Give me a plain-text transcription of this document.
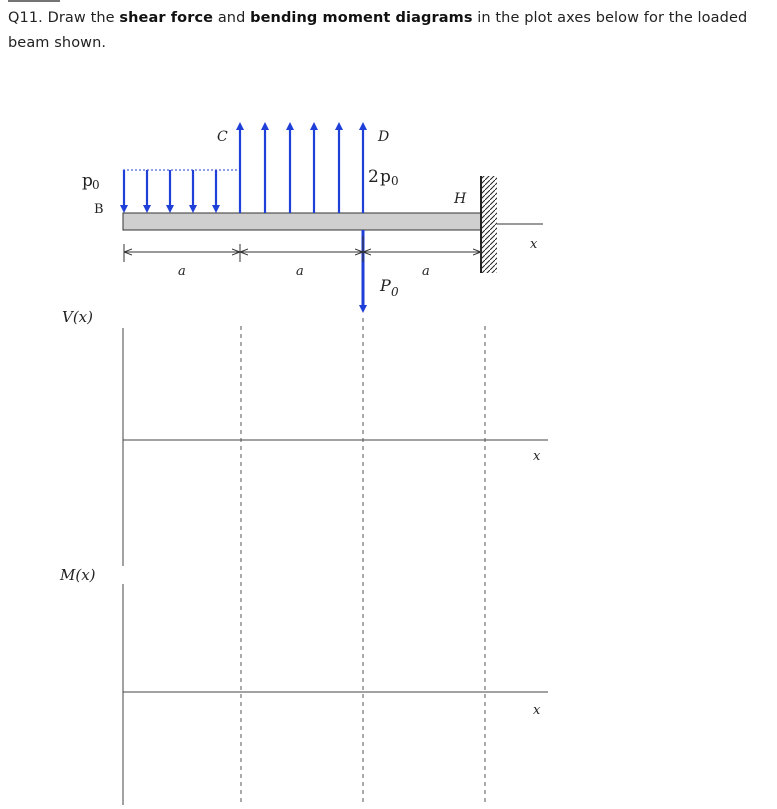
Q11. Draw the shear force and bending moment diagrams in the plot axes below for the loaded beam shown.
p 0
B
C	D
2 p 0
H
x
a	a	a
P 0
V(x)
x
M(x)
x
